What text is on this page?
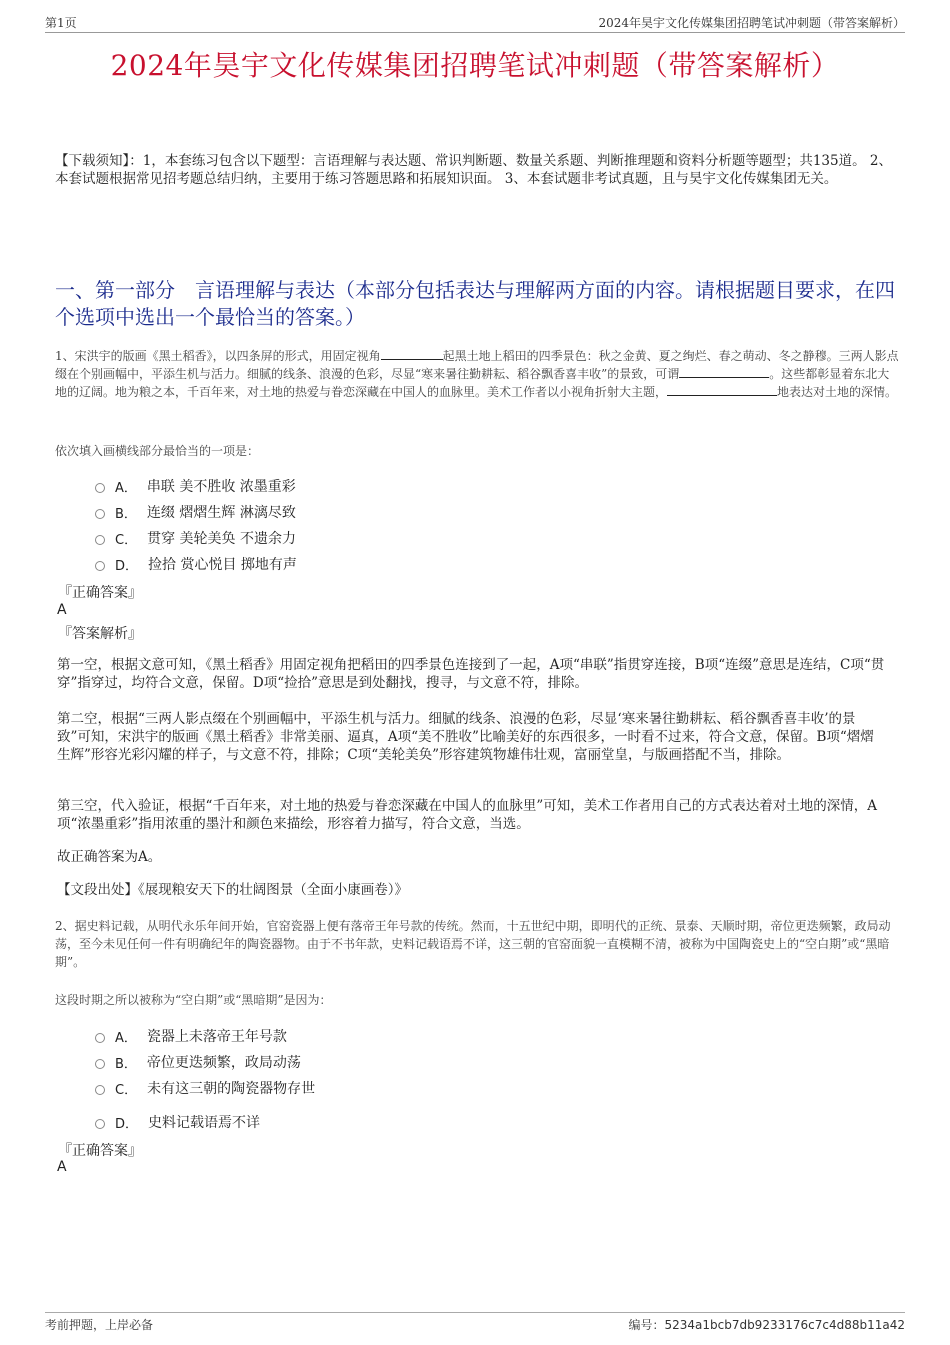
第1页	2024年昊宇文化传媒集团招聘笔试冲刺题（带答案解析）
2024年昊宇文化传媒集团招聘笔试冲刺题（带答案解析）
【下载须知】：1，本套练习包含以下题型：言语理解与表达题、常识判断题、数量关系题、判断推理题和资料分析题等题型；共135道。 2、本套试题根据常见招考题总结归纳，主要用于练习答题思路和拓展知识面。 3、本套试题非考试真题，且与昊宇文化传媒集团无关。
一、第一部分　言语理解与表达（本部分包括表达与理解两方面的内容。请根据题目要求，在四个选项中选出一个最恰当的答案。）
1、宋洪宇的版画《黑土稻香》，以四条屏的形式，用固定视角	起黑土地上稻田的四季景色：秋之金黄、夏之绚烂、春之萌动、冬之静穆。三两人影点缀在个别画幅中，平添生机与活力。细腻的线条、浪漫的色彩，尽显“寒来暑往勤耕耘、稻谷飘香喜丰收”的景致，可谓	。这些都彰显着东北大地的辽阔。地为粮之本，千百年来，对土地的热爱与眷恋深藏在中国人的血脉里。美术工作者以小视角折射大主题，	地表达对土地的深情。
依次填入画横线部分最恰当的一项是：
A． 串联 美不胜收 浓墨重彩
B． 连缀 熠熠生辉 淋漓尽致
C． 贯穿 美轮美奂 不遗余力
D． 捡拾 赏心悦目 掷地有声
『正确答案』
A
『答案解析』
第一空，根据文意可知，《黑土稻香》用固定视角把稻田的四季景色连接到了一起，A项“串联”指贯穿连接，B项“连缀”意思是连结，C项“贯穿”指穿过，均符合文意，保留。D项“捡拾”意思是到处翻找，搜寻，与文意不符，排除。
第二空，根据“三两人影点缀在个别画幅中，平添生机与活力。细腻的线条、浪漫的色彩，尽显‘寒来暑往勤耕耘、稻谷飘香喜丰收’的景致”可知，宋洪宇的版画《黑土稻香》非常美丽、逼真，A项“美不胜收”比喻美好的东西很多，一时看不过来，符合文意，保留。B项“熠熠生辉”形容光彩闪耀的样子，与文意不符，排除；C项“美轮美奂”形容建筑物雄伟壮观，富丽堂皇，与版画搭配不当，排除。
第三空，代入验证，根据“千百年来，对土地的热爱与眷恋深藏在中国人的血脉里”可知，美术工作者用自己的方式表达着对土地的深情，A项“浓墨重彩”指用浓重的墨汁和颜色来描绘，形容着力描写，符合文意，当选。
故正确答案为A。
【文段出处】《展现粮安天下的壮阔图景（全面小康画卷）》
2、据史料记载，从明代永乐年间开始，官窑瓷器上便有落帝王年号款的传统。然而，十五世纪中期，即明代的正统、景泰、天顺时期，帝位更迭频繁，政局动荡，至今未见任何一件有明确纪年的陶瓷器物。由于不书年款，史料记载语焉不详，这三朝的官窑面貌一直模糊不清，被称为中国陶瓷史上的“空白期”或“黑暗期”。
这段时期之所以被称为“空白期”或“黑暗期”是因为：
A． 瓷器上未落帝王年号款
B． 帝位更迭频繁，政局动荡
C． 未有这三朝的陶瓷器物存世
D． 史料记载语焉不详
『正确答案』
A
考前押题，上岸必备	编号：5234a1bcb7db9233176c7c4d88b11a42
